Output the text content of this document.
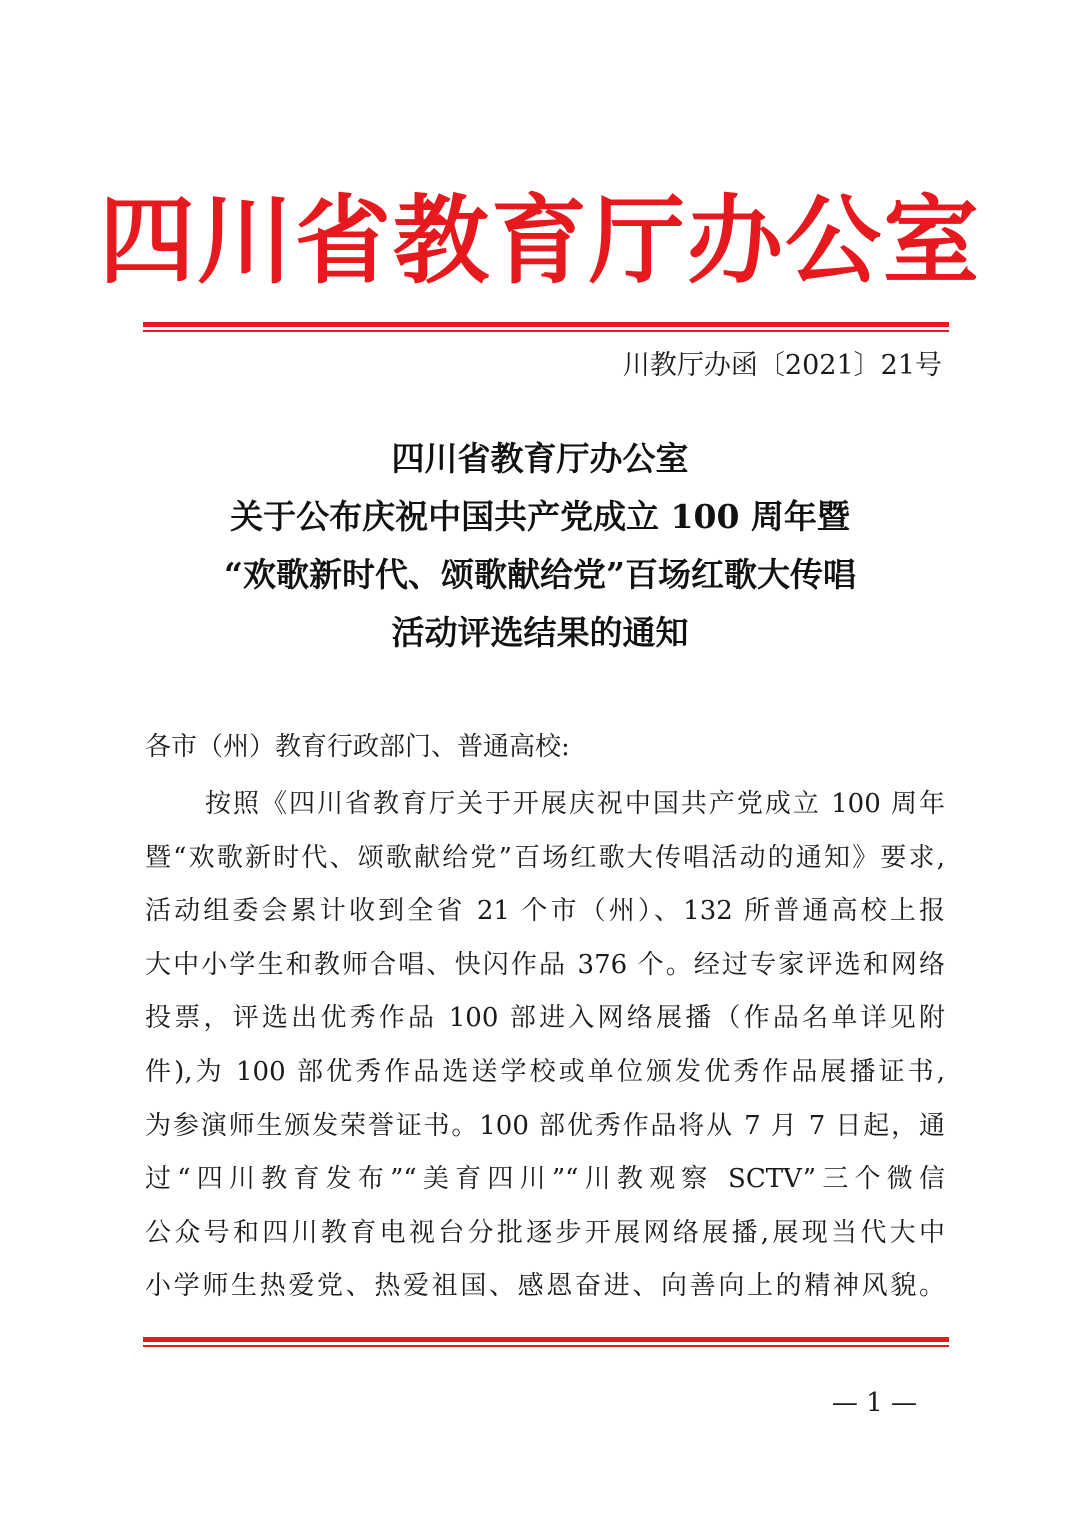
四川省教育厅办公室
川教厅办函〔2021〕21号
四川省教育厅办公室
关于公布庆祝中国共产党成立 100 周年暨
“欢歌新时代、颂歌献给党”百场红歌大传唱
活动评选结果的通知
各市（州）教育行政部门、普通高校:
按照《四川省教育厅关于开展庆祝中国共产党成立 100 周年
暨“欢歌新时代、颂歌献给党”百场红歌大传唱活动的通知》要求,
活动组委会累计收到全省 21 个市（州）、132 所普通高校上报
大中小学生和教师合唱、快闪作品 376 个。经过专家评选和网络
投票，评选出优秀作品 100 部进入网络展播（作品名单详见附
件),为 100 部优秀作品选送学校或单位颁发优秀作品展播证书,
为参演师生颁发荣誉证书。100 部优秀作品将从 7 月 7 日起，通
过“四川教育发布”“美育四川”“川教观察 SCTV”三个微信
公众号和四川教育电视台分批逐步开展网络展播,展现当代大中
小学师生热爱党、热爱祖国、感恩奋进、向善向上的精神风貌。
— 1 —
